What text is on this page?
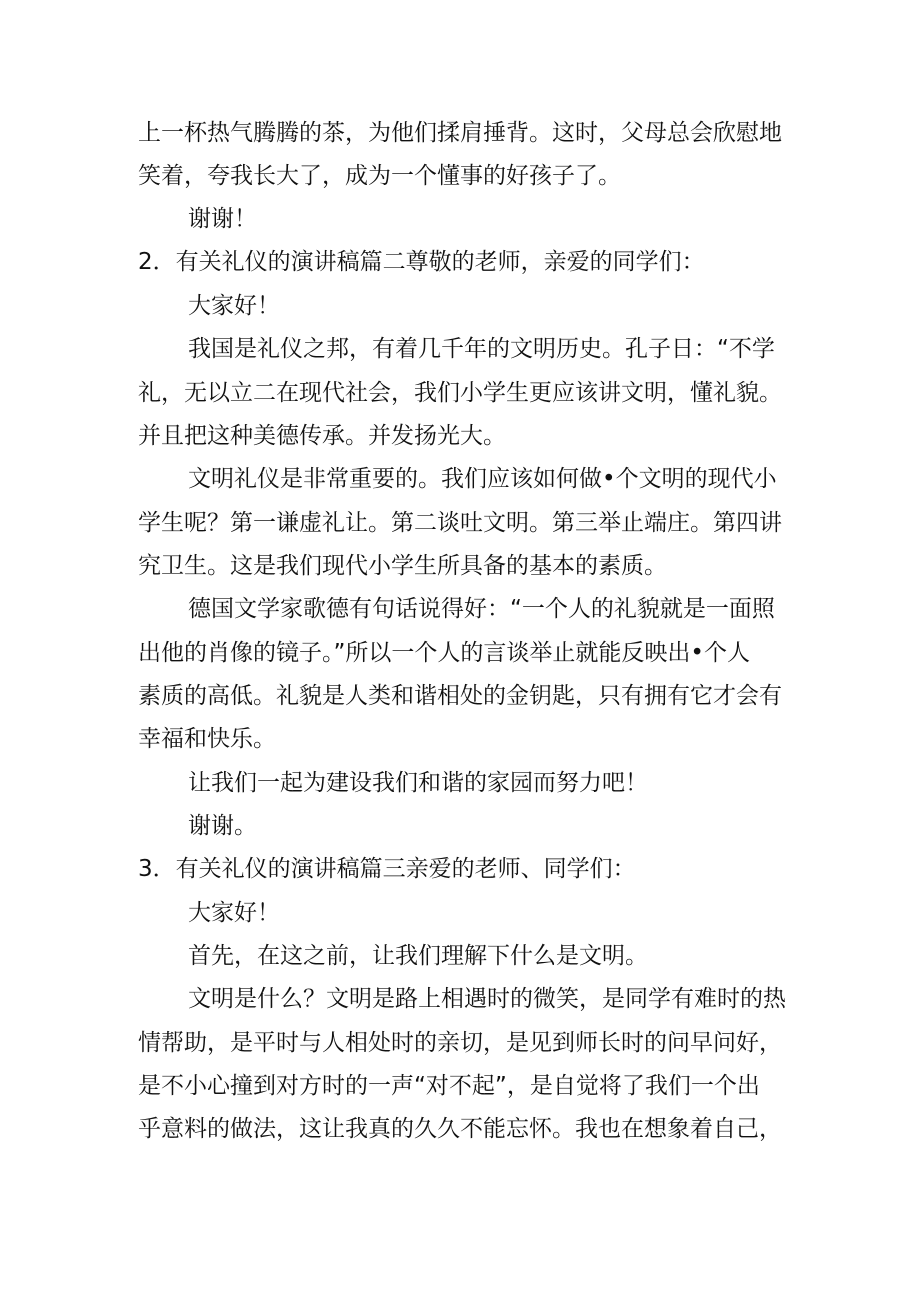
上一杯热气腾腾的茶，为他们揉肩捶背。这时，父母总会欣慰地
笑着，夸我长大了，成为一个懂事的好孩子了。
谢谢！
2．有关礼仪的演讲稿篇二尊敬的老师，亲爱的同学们：
大家好！
我国是礼仪之邦，有着几千年的文明历史。孔子日：“不学
礼，无以立二在现代社会，我们小学生更应该讲文明，懂礼貌。
并且把这种美德传承。并发扬光大。
文明礼仪是非常重要的。我们应该如何做•个文明的现代小
学生呢？第一谦虚礼让。第二谈吐文明。第三举止端庄。第四讲
究卫生。这是我们现代小学生所具备的基本的素质。
德国文学家歌德有句话说得好：“一个人的礼貌就是一面照
出他的肖像的镜子。”所以一个人的言谈举止就能反映出•个人
素质的高低。礼貌是人类和谐相处的金钥匙，只有拥有它才会有
幸福和快乐。
让我们一起为建设我们和谐的家园而努力吧！
谢谢。
3．有关礼仪的演讲稿篇三亲爱的老师、同学们：
大家好！
首先，在这之前，让我们理解下什么是文明。
文明是什么？文明是路上相遇时的微笑，是同学有难时的热
情帮助，是平时与人相处时的亲切，是见到师长时的问早问好，
是不小心撞到对方时的一声“对不起”，是自觉将了我们一个出
乎意料的做法，这让我真的久久不能忘怀。我也在想象着自己，
